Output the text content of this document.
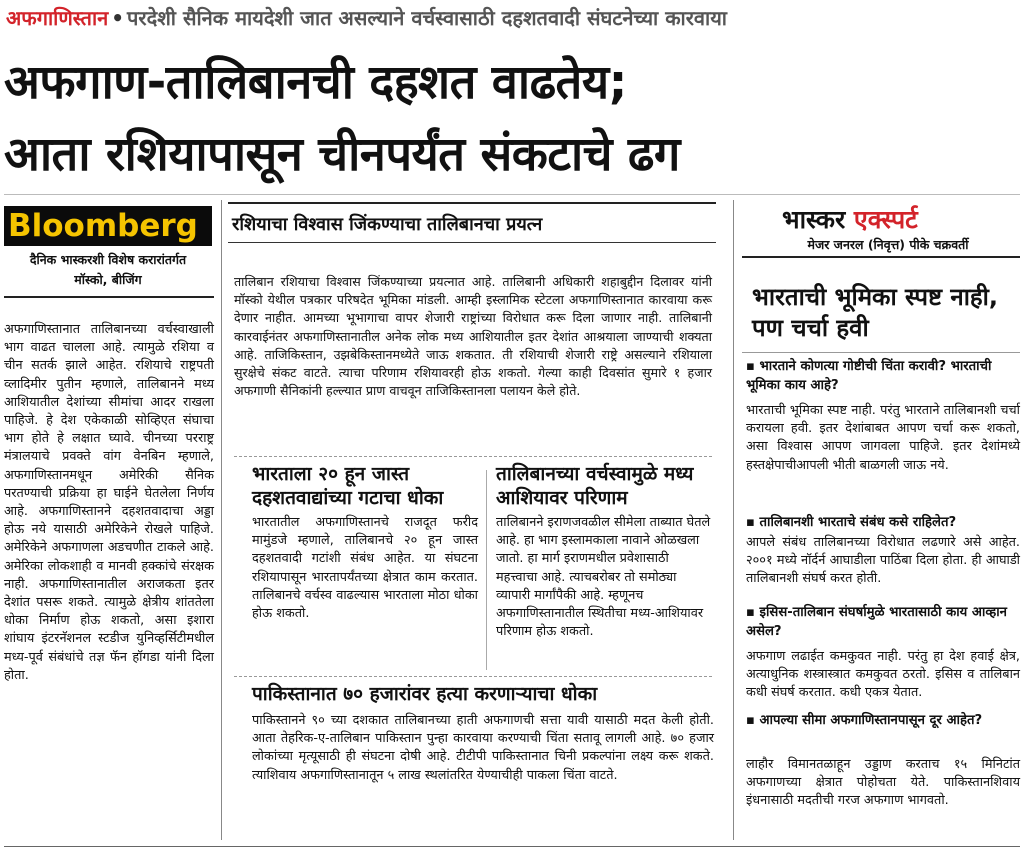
अफगाणिस्तान • परदेशी सैनिक मायदेशी जात असल्याने वर्चस्वासाठी दहशतवादी संघटनेच्या कारवाया
अफगाण-तालिबानची दहशत वाढतेय;
आता रशियापासून चीनपर्यंत संकटाचे ढग
Bloomberg
दैनिक भास्करशी विशेष करारांतर्गत
मॉस्को, बीजिंग
अफगाणिस्तानात तालिबानच्या वर्चस्वाखाली भाग वाढत चालला आहे. त्यामुळे रशिया व चीन सतर्क झाले आहेत. रशियाचे राष्ट्रपती व्लादिमीर पुतीन म्हणाले, तालिबानने मध्य आशियातील देशांच्या सीमांचा आदर राखला पाहिजे. हे देश एकेकाळी सोव्हिएत संघाचा भाग होते हे लक्षात घ्यावे. चीनच्या परराष्ट्र मंत्रालयाचे प्रवक्ते वांग वेनबिन म्हणाले, अफगाणिस्तानमधून अमेरिकी सैनिक परतण्याची प्रक्रिया हा घाईने घेतलेला निर्णय आहे. अफगाणिस्तानने दहशतवादाचा अड्डा होऊ नये यासाठी अमेरिकेने रोखले पाहिजे. अमेरिकेने अफगाणला अडचणीत टाकले आहे. अमेरिका लोकशाही व मानवी हक्कांचे संरक्षक नाही. अफगाणिस्तानातील अराजकता इतर देशांत पसरू शकते. त्यामुळे क्षेत्रीय शांततेला धोका निर्माण होऊ शकतो, असा इशारा शांघाय इंटरनॅशनल स्टडीज युनिव्हर्सिटीमधील मध्य-पूर्व संबंधांचे तज्ञ फॅन हॉगडा यांनी दिला होता.
रशियाचा विश्वास जिंकण्याचा तालिबानचा प्रयत्न
तालिबान रशियाचा विश्वास जिंकण्याच्या प्रयत्नात आहे. तालिबानी अधिकारी शहाबुद्दीन दिलावर यांनी मॉस्को येथील पत्रकार परिषदेत भूमिका मांडली. आम्ही इस्लामिक स्टेटला अफगाणिस्तानात कारवाया करू देणार नाहीत. आमच्या भूभागाचा वापर शेजारी राष्ट्रांच्या विरोधात करू दिला जाणार नाही. तालिबानी कारवाईनंतर अफगाणिस्तानातील अनेक लोक मध्य आशियातील इतर देशांत आश्रयाला जाण्याची शक्यता आहे. ताजिकिस्तान, उझबेकिस्तानमध्येते जाऊ शकतात. ती रशियाची शेजारी राष्ट्रे असल्याने रशियाला सुरक्षेचे संकट वाटते. त्याचा परिणाम रशियावरही होऊ शकतो. गेल्या काही दिवसांत सुमारे १ हजार अफगाणी सैनिकांनी हल्ल्यात प्राण वाचवून ताजिकिस्तानला पलायन केले होते.
भारताला २० हून जास्त दहशतवाद्यांच्या गटाचा धोका
भारतातील अफगाणिस्तानचे राजदूत फरीद मामुंडजे म्हणाले, तालिबानचे २० हून जास्त दहशतवादी गटांशी संबंध आहेत. या संघटना रशियापासून भारतापर्यंतच्या क्षेत्रात काम करतात. तालिबानचे वर्चस्व वाढल्यास भारताला मोठा धोका होऊ शकतो.
तालिबानच्या वर्चस्वामुळे मध्य आशियावर परिणाम
तालिबानने इराणजवळील सीमेला ताब्यात घेतले आहे. हा भाग इस्लामकाला नावाने ओळखला जातो. हा मार्ग इराणमधील प्रवेशासाठी महत्त्वाचा आहे. त्याचबरोबर तो समोठ्या व्यापारी मार्गांपैकी आहे. म्हणूनच अफगाणिस्तानातील स्थितीचा मध्य-आशियावर परिणाम होऊ शकतो.
पाकिस्तानात ७० हजारांवर हत्या करणाऱ्याचा धोका
पाकिस्तानने ९० च्या दशकात तालिबानच्या हाती अफगाणची सत्ता यावी यासाठी मदत केली होती. आता तेहरिक-ए-तालिबान पाकिस्तान पुन्हा कारवाया करण्याची चिंता सतावू लागली आहे. ७० हजार लोकांच्या मृत्यूसाठी ही संघटना दोषी आहे. टीटीपी पाकिस्तानात चिनी प्रकल्पांना लक्ष्य करू शकते. त्याशिवाय अफगाणिस्तानातून ५ लाख स्थलांतरित येण्याचीही पाकला चिंता वाटते.
भास्कर एक्स्पर्ट
मेजर जनरल (निवृत्त) पीके चक्रवर्ती
भारताची भूमिका स्पष्ट नाही, पण चर्चा हवी
▪ भारताने कोणत्या गोष्टीची चिंता करावी? भारताची भूमिका काय आहे?
भारताची भूमिका स्पष्ट नाही. परंतु भारताने तालिबानशी चर्चा करायला हवी. इतर देशांबाबत आपण चर्चा करू शकतो, असा विश्वास आपण जागवला पाहिजे. इतर देशांमध्ये हस्तक्षेपाचीआपली भीती बाळगली जाऊ नये.
▪ तालिबानशी भारताचे संबंध कसे राहिलेत?
आपले संबंध तालिबानच्या विरोधात लढणारे असे आहेत. २००१ मध्ये नॉर्दर्न आघाडीला पाठिंबा दिला होता. ही आघाडी तालिबानशी संघर्ष करत होती.
▪ इसिस-तालिबान संघर्षामुळे भारतासाठी काय आव्हान असेल?
अफगाण लढाईत कमकुवत नाही. परंतु हा देश हवाई क्षेत्र, अत्याधुनिक शस्त्रास्त्रात कमकुवत ठरतो. इसिस व तालिबान कधी संघर्ष करतात. कधी एकत्र येतात.
▪ आपल्या सीमा अफगाणिस्तानपासून दूर आहेत?
लाहौर विमानतळाहून उड्डाण करताच १५ मिनिटांत अफगाणच्या क्षेत्रात पोहोचता येते. पाकिस्तानशिवाय इंधनासाठी मदतीची गरज अफगाण भागवतो.
